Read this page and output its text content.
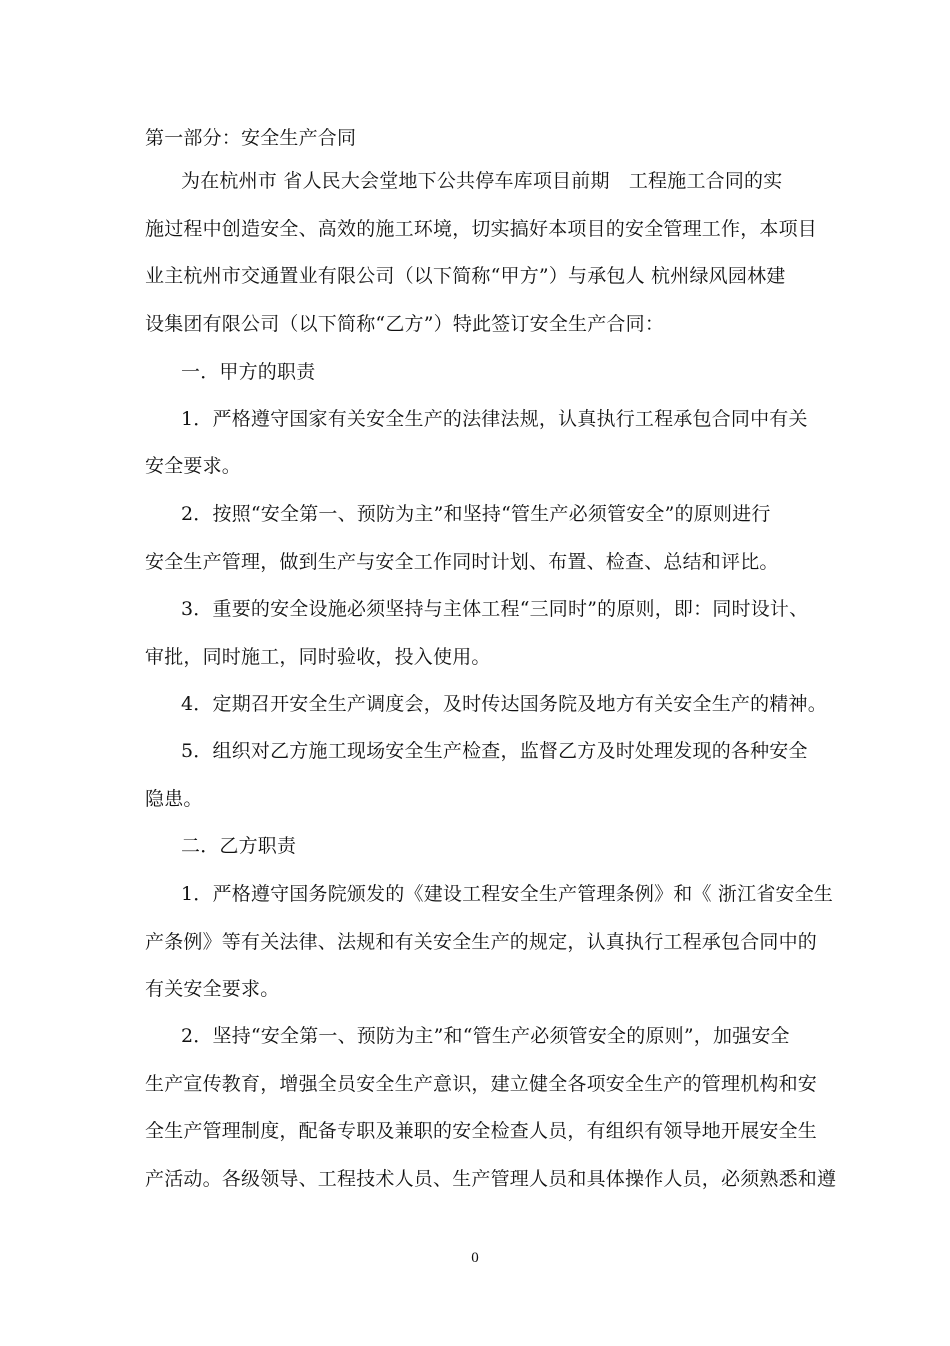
第一部分：安全生产合同
为在杭州市 省人民大会堂地下公共停车库项目前期　工程施工合同的实
施过程中创造安全、高效的施工环境，切实搞好本项目的安全管理工作，本项目
业主杭州市交通置业有限公司（以下简称“甲方”）与承包人 杭州绿风园林建
设集团有限公司（以下简称“乙方”）特此签订安全生产合同：
一．甲方的职责
1．严格遵守国家有关安全生产的法律法规，认真执行工程承包合同中有关
安全要求。
2．按照“安全第一、预防为主”和坚持“管生产必须管安全”的原则进行
安全生产管理，做到生产与安全工作同时计划、布置、检查、总结和评比。
3．重要的安全设施必须坚持与主体工程“三同时”的原则，即：同时设计、
审批，同时施工，同时验收，投入使用。
4．定期召开安全生产调度会，及时传达国务院及地方有关安全生产的精神。
5．组织对乙方施工现场安全生产检查，监督乙方及时处理发现的各种安全
隐患。
二．乙方职责
1．严格遵守国务院颁发的《建设工程安全生产管理条例》和《 浙江省安全生
产条例》等有关法律、法规和有关安全生产的规定，认真执行工程承包合同中的
有关安全要求。
2．坚持“安全第一、预防为主”和“管生产必须管安全的原则”，加强安全
生产宣传教育，增强全员安全生产意识，建立健全各项安全生产的管理机构和安
全生产管理制度，配备专职及兼职的安全检查人员，有组织有领导地开展安全生
产活动。各级领导、工程技术人员、生产管理人员和具体操作人员，必须熟悉和遵
0
